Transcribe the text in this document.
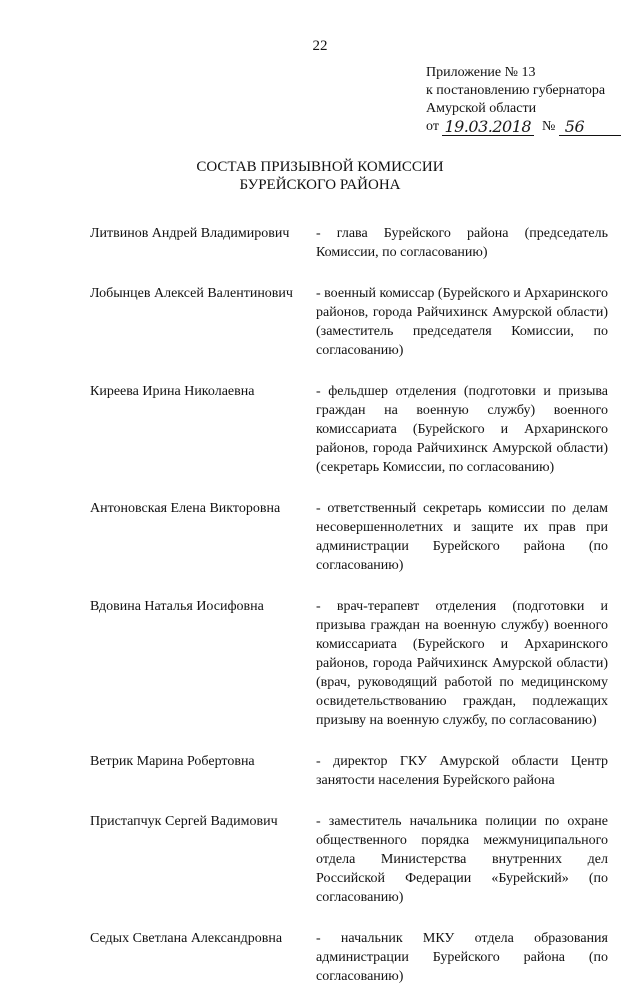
22
Приложение № 13
к постановлению губернатора
Амурской области
от 19.03.2018 № 56
СОСТАВ ПРИЗЫВНОЙ КОМИССИИ
БУРЕЙСКОГО РАЙОНА
Литвинов Андрей Владимирович	- глава Бурейского района (председатель Комиссии, по согласованию)
Лобынцев Алексей Валентинович	- военный комиссар (Бурейского и Архаринского районов, города Райчихинск Амурской области) (заместитель председателя Комиссии, по согласованию)
Киреева Ирина Николаевна	- фельдшер отделения (подготовки и призыва граждан на военную службу) военного комиссариата (Бурейского и Архаринского районов, города Райчихинск Амурской области) (секретарь Комиссии, по согласованию)
Антоновская Елена Викторовна	- ответственный секретарь комиссии по делам несовершеннолетних и защите их прав при администрации Бурейского района (по согласованию)
Вдовина Наталья Иосифовна	- врач-терапевт отделения (подготовки и призыва граждан на военную службу) военного комиссариата (Бурейского и Архаринского районов, города Райчихинск Амурской области) (врач, руководящий работой по медицинскому освидетельствованию граждан, подлежащих призыву на военную службу, по согласованию)
Ветрик Марина Робертовна	- директор ГКУ Амурской области Центр занятости населения Бурейского района
Пристапчук Сергей Вадимович	- заместитель начальника полиции по охране общественного порядка межмуниципального отдела Министерства внутренних дел Российской Федерации «Бурейский» (по согласованию)
Седых Светлана Александровна	- начальник МКУ отдела образования администрации Бурейского района (по согласованию)
